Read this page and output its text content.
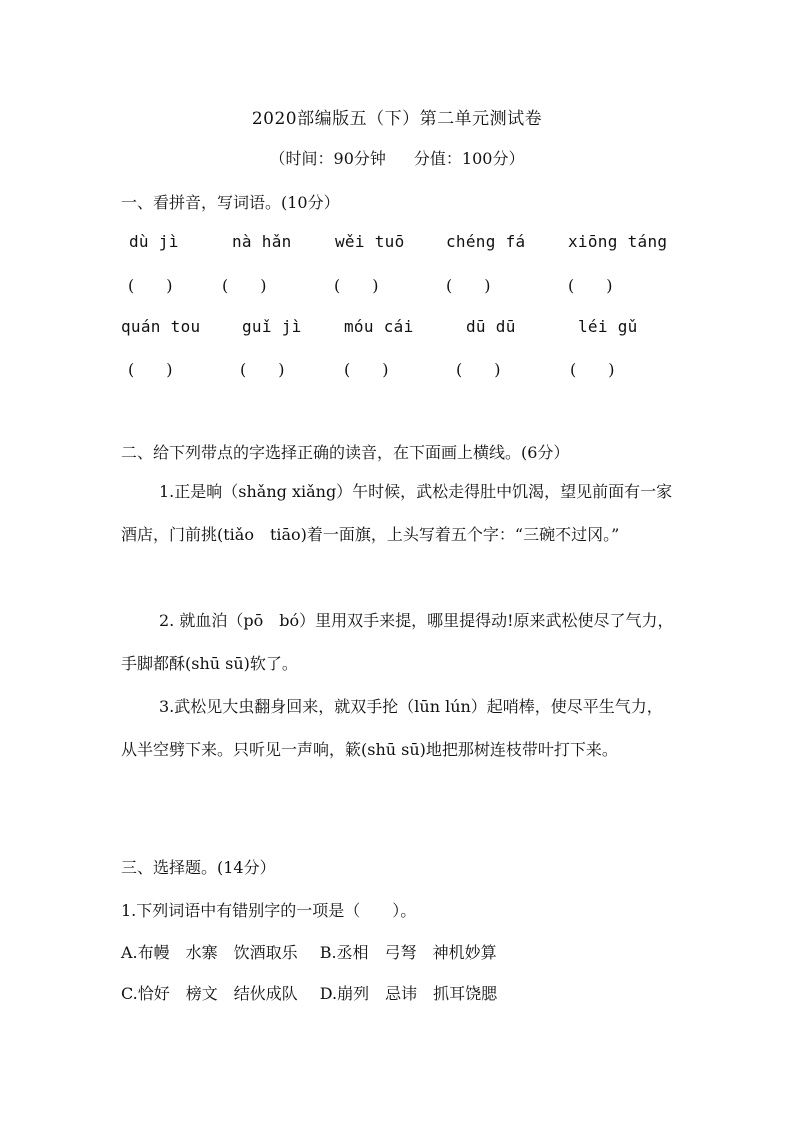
2020部编版五（下）第二单元测试卷
（时间：90分钟 分值：100分）
一、看拼音，写词语。(10分）
dù jì	nà hǎn	wěi tuō	chéng fá	xiōng táng
(　　)	(　　)	(　　)	(　　)	(　　)
quán tou	guǐ jì	móu cái	dū dū	léi gǔ
(　　)	(　　)	(　　)	(　　)	(　　)
二、给下列带点的字选择正确的读音，在下面画上横线。(6分）
1.正是晌（shǎng xiǎng）午时候，武松走得肚中饥渴，望见前面有一家酒店，门前挑(tiǎo　tiāo)着一面旗，上头写着五个字：“三碗不过冈。”
2. 就血泊（pō　bó）里用双手来提，哪里提得动!原来武松使尽了气力，手脚都酥(shū sū)软了。
3.武松见大虫翻身回来，就双手抡（lūn lún）起哨棒，使尽平生气力，从半空劈下来。只听见一声响，簌(shū sū)地把那树连枝带叶打下来。
三、选择题。(14分）
1.下列词语中有错别字的一项是（　　）。
A.布幔 水寨 饮酒取乐 B.丞相 弓弩 神机妙算
C.恰好 榜文 结伙成队 D.崩列 忌讳 抓耳饶腮
